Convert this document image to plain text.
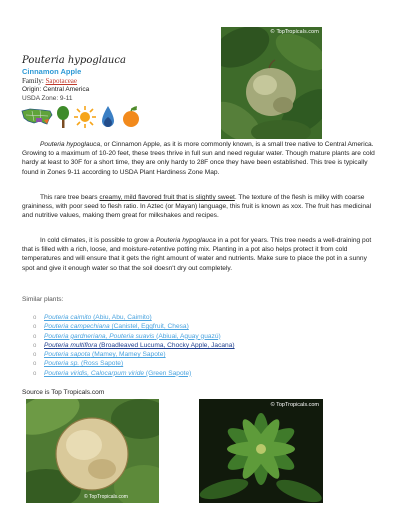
© TopTropicals.com
Pouteria hypoglauca
Cinnamon Apple
Family: Sapotaceae
Origin: Central America
USDA Zone: 9-11
Pouteria hypoglauca, or Cinnamon Apple, as it is more commonly known, is a small tree native to Central America. Growing to a maximum of 10-20 feet, these trees thrive in full sun and need regular water. Though mature plants are cold hardy at least to 30F for a short time, they are only hardy to 28F once they have been established. This tree is typically found in Zones 9-11 according to USDA Plant Hardiness Zone Map.
This rare tree bears creamy, mild flavored fruit that is slightly sweet. The texture of the flesh is milky with coarse graininess, with poor seed to flesh ratio. In Aztec (or Mayan) language, this fruit is known as xox. The fruit has medicinal and nutritive values, making them great for milkshakes and recipes.
In cold climates, it is possible to grow a Pouteria hypoglauca in a pot for years. This tree needs a well-draining pot that is filled with a rich, loose, and moisture-retentive potting mix. Planting in a pot also helps protect it from cold temperatures and will ensure that it gets the right amount of water and nutrients. Make sure to place the pot in a sunny spot and give it enough water so that the soil doesn't dry out completely.
Similar plants:
o Pouteria caimito (Abiu, Abu, Caimito)
o Pouteria campechiana (Canistel, Eggfruit, Chesa)
o Pouteria gardneriana, Pouteria suavis (Abiuai, Aguay guazú)
o Pouteria multiflora (Broadleaved Lucuma, Chocky Apple, Jacana)
o Pouteria sapota (Mamey, Mamey Sapote)
o Pouteria sp. (Ross Sapote)
o Pouteria viridis, Calocarpum viride (Green Sapote)
Source is Top Tropicals.com
© TopTropicals.com
© TopTropicals.com
